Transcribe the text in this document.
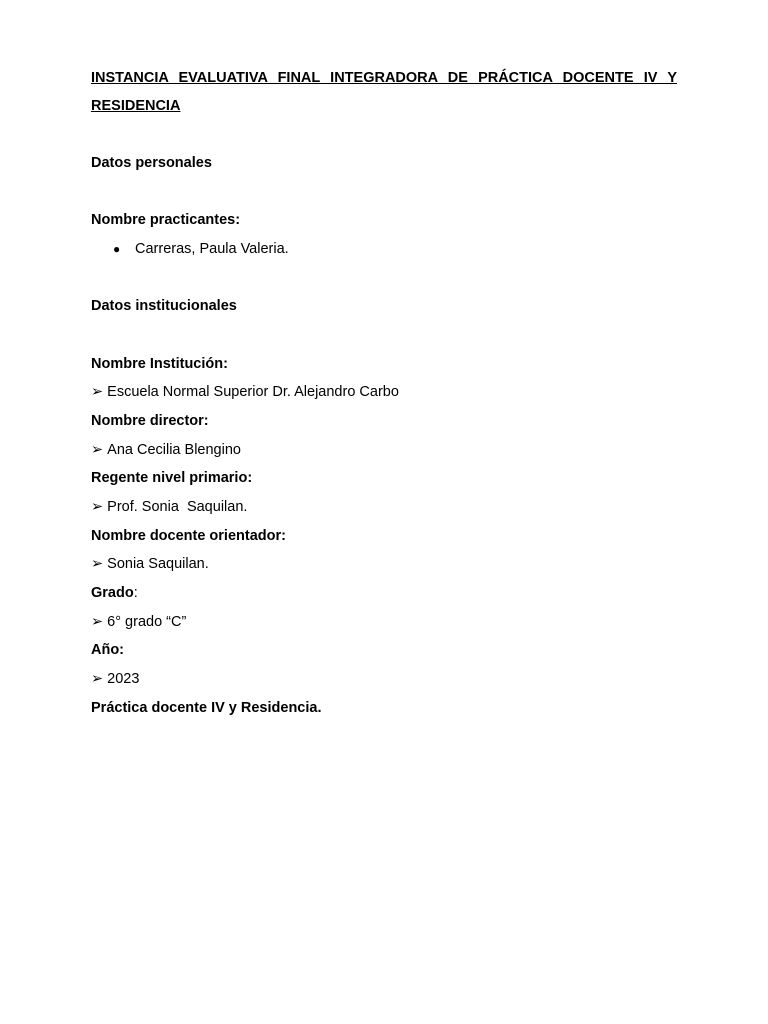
INSTANCIA EVALUATIVA FINAL INTEGRADORA DE PRÁCTICA DOCENTE IV Y
RESIDENCIA

Datos personales
Nombre practicantes:
● Carreras, Paula Valeria.
Datos institucionales
Nombre Institución:
➢ Escuela Normal Superior Dr. Alejandro Carbo
Nombre director:
➢ Ana Cecilia Blengino
Regente nivel primario:
➢ Prof. Sonia  Saquilan.
Nombre docente orientador:
➢ Sonia Saquilan.
Grado:
➢ 6° grado “C”
Año:
➢ 2023
Práctica docente IV y Residencia.
